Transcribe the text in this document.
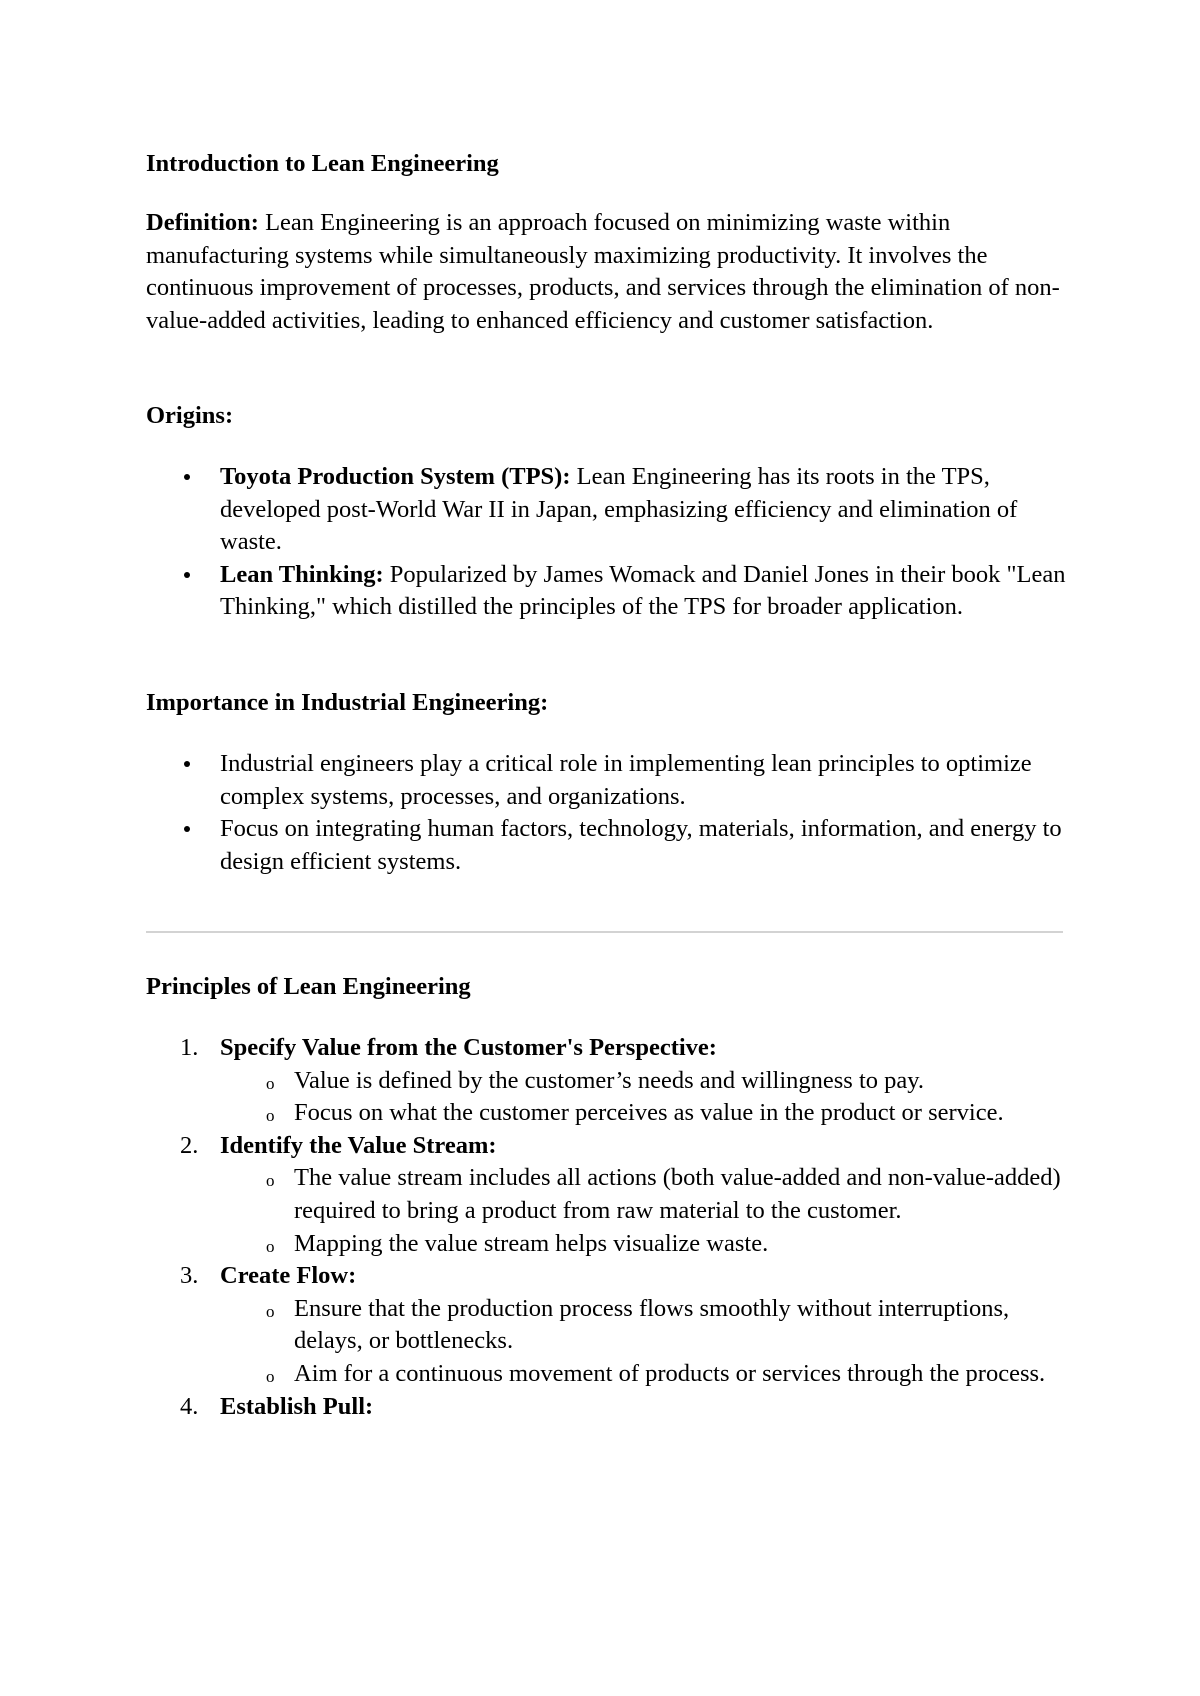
Introduction to Lean Engineering

Definition: Lean Engineering is an approach focused on minimizing waste within manufacturing systems while simultaneously maximizing productivity. It involves the continuous improvement of processes, products, and services through the elimination of non-value-added activities, leading to enhanced efficiency and customer satisfaction.

Origins:
Toyota Production System (TPS): Lean Engineering has its roots in the TPS, developed post-World War II in Japan, emphasizing efficiency and elimination of waste.
Lean Thinking: Popularized by James Womack and Daniel Jones in their book "Lean Thinking," which distilled the principles of the TPS for broader application.
Importance in Industrial Engineering:
Industrial engineers play a critical role in implementing lean principles to optimize complex systems, processes, and organizations.
Focus on integrating human factors, technology, materials, information, and energy to design efficient systems.
Principles of Lean Engineering
1. Specify Value from the Customer's Perspective:
o Value is defined by the customer’s needs and willingness to pay.
o Focus on what the customer perceives as value in the product or service.
2. Identify the Value Stream:
o The value stream includes all actions (both value-added and non-value-added) required to bring a product from raw material to the customer.
o Mapping the value stream helps visualize waste.
3. Create Flow:
o Ensure that the production process flows smoothly without interruptions, delays, or bottlenecks.
o Aim for a continuous movement of products or services through the process.
4. Establish Pull:
